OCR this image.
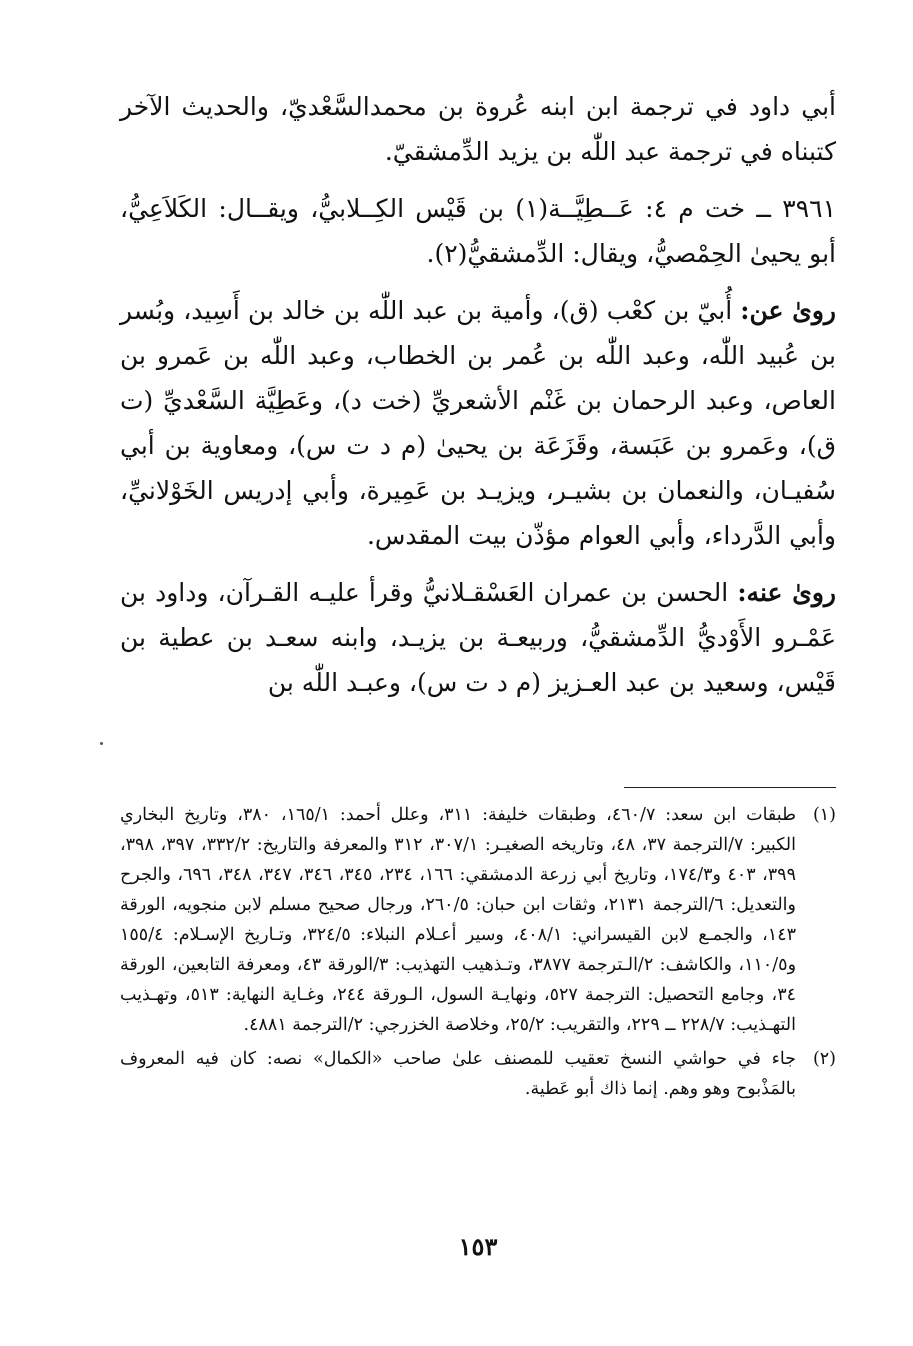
أبي داود في ترجمة ابن ابنه عُروة بن محمدالسَّعْديّ، والحديث الآخر كتبناه في ترجمة عبد اللّٰه بن يزيد الدِّمشقيّ.

٣٩٦١ ــ خت م ٤: عَــطِيَّــة(١) بن قَيْس الكِــلابيُّ، ويقــال: الكَلاَعِيُّ، أبو يحيىٰ الحِمْصيُّ، ويقال: الدِّمشقيُّ(٢).

روىٰ عن: أُبيّ بن كعْب (ق)، وأمية بن عبد اللّٰه بن خالد بن أَسِيد، وبُسر بن عُبيد اللّٰه، وعبد اللّٰه بن عُمر بن الخطاب، وعبد اللّٰه بن عَمرو بن العاص، وعبد الرحمان بن غَنْم الأشعريِّ (خت د)، وعَطِيَّة السَّعْديِّ (ت ق)، وعَمرو بن عَبَسة، وقَزَعَة بن يحيىٰ (م د ت س)، ومعاوية بن أبي سُفيـان، والنعمان بن بشيـر، ويزيـد بن عَمِيرة، وأبي إدريس الخَوْلانيِّ، وأبي الدَّرداء، وأبي العوام مؤذّن بيت المقدس.

روىٰ عنه: الحسن بن عمران العَسْقـلانيُّ وقرأ عليـه القـرآن، وداود بن عَمْـرو الأَوْديُّ الدِّمشقيُّ، وربيعـة بن يزيـد، وابنه سعـد بن عطية بن قَيْس، وسعيد بن عبد العـزيز (م د ت س)، وعبـد اللّٰه بن

(١)
طبقات ابن سعد: ٤٦٠/٧، وطبقات خليفة: ٣١١، وعلل أحمد: ١٦٥/١، ٣٨٠، وتاريخ البخاري الكبير: ٧/الترجمة ٣٧، ٤٨، وتاريخه الصغيـر: ٣٠٧/١، ٣١٢ والمعرفة والتاريخ: ٣٣٢/٢، ٣٩٧، ٣٩٨، ٣٩٩، ٤٠٣ و١٧٤/٣، وتاريخ أبي زرعة الدمشقي: ١٦٦، ٢٣٤، ٣٤٥، ٣٤٦، ٣٤٧، ٣٤٨، ٦٩٦، والجرح والتعديل: ٦/الترجمة ٢١٣١، وثقات ابن حبان: ٢٦٠/٥، ورجال صحيح مسلم لابن منجويه، الورقة ١٤٣، والجمـع لابن القيسراني: ٤٠٨/١، وسير أعـلام النبلاء: ٣٢٤/٥، وتـاريخ الإسـلام: ١٥٥/٤ و١١٠/٥، والكاشف: ٢/الـترجمة ٣٨٧٧، وتـذهيب التهذيب: ٣/الورقة ٤٣، ومعرفة التابعين، الورقة ٣٤، وجامع التحصيل: الترجمة ٥٢٧، ونهايـة السول، الـورقة ٢٤٤، وغـاية النهاية: ٥١٣، وتهـذيب التهـذيب: ٢٢٨/٧ ــ ٢٢٩، والتقريب: ٢٥/٢، وخلاصة الخزرجي: ٢/الترجمة ٤٨٨١.

(٢)
جاء في حواشي النسخ تعقيب للمصنف علىٰ صاحب «الكمال» نصه: كان فيه المعروف بالمَذْبوح وهو وهم. إنما ذاك أبو عَطية.

١٥٣
